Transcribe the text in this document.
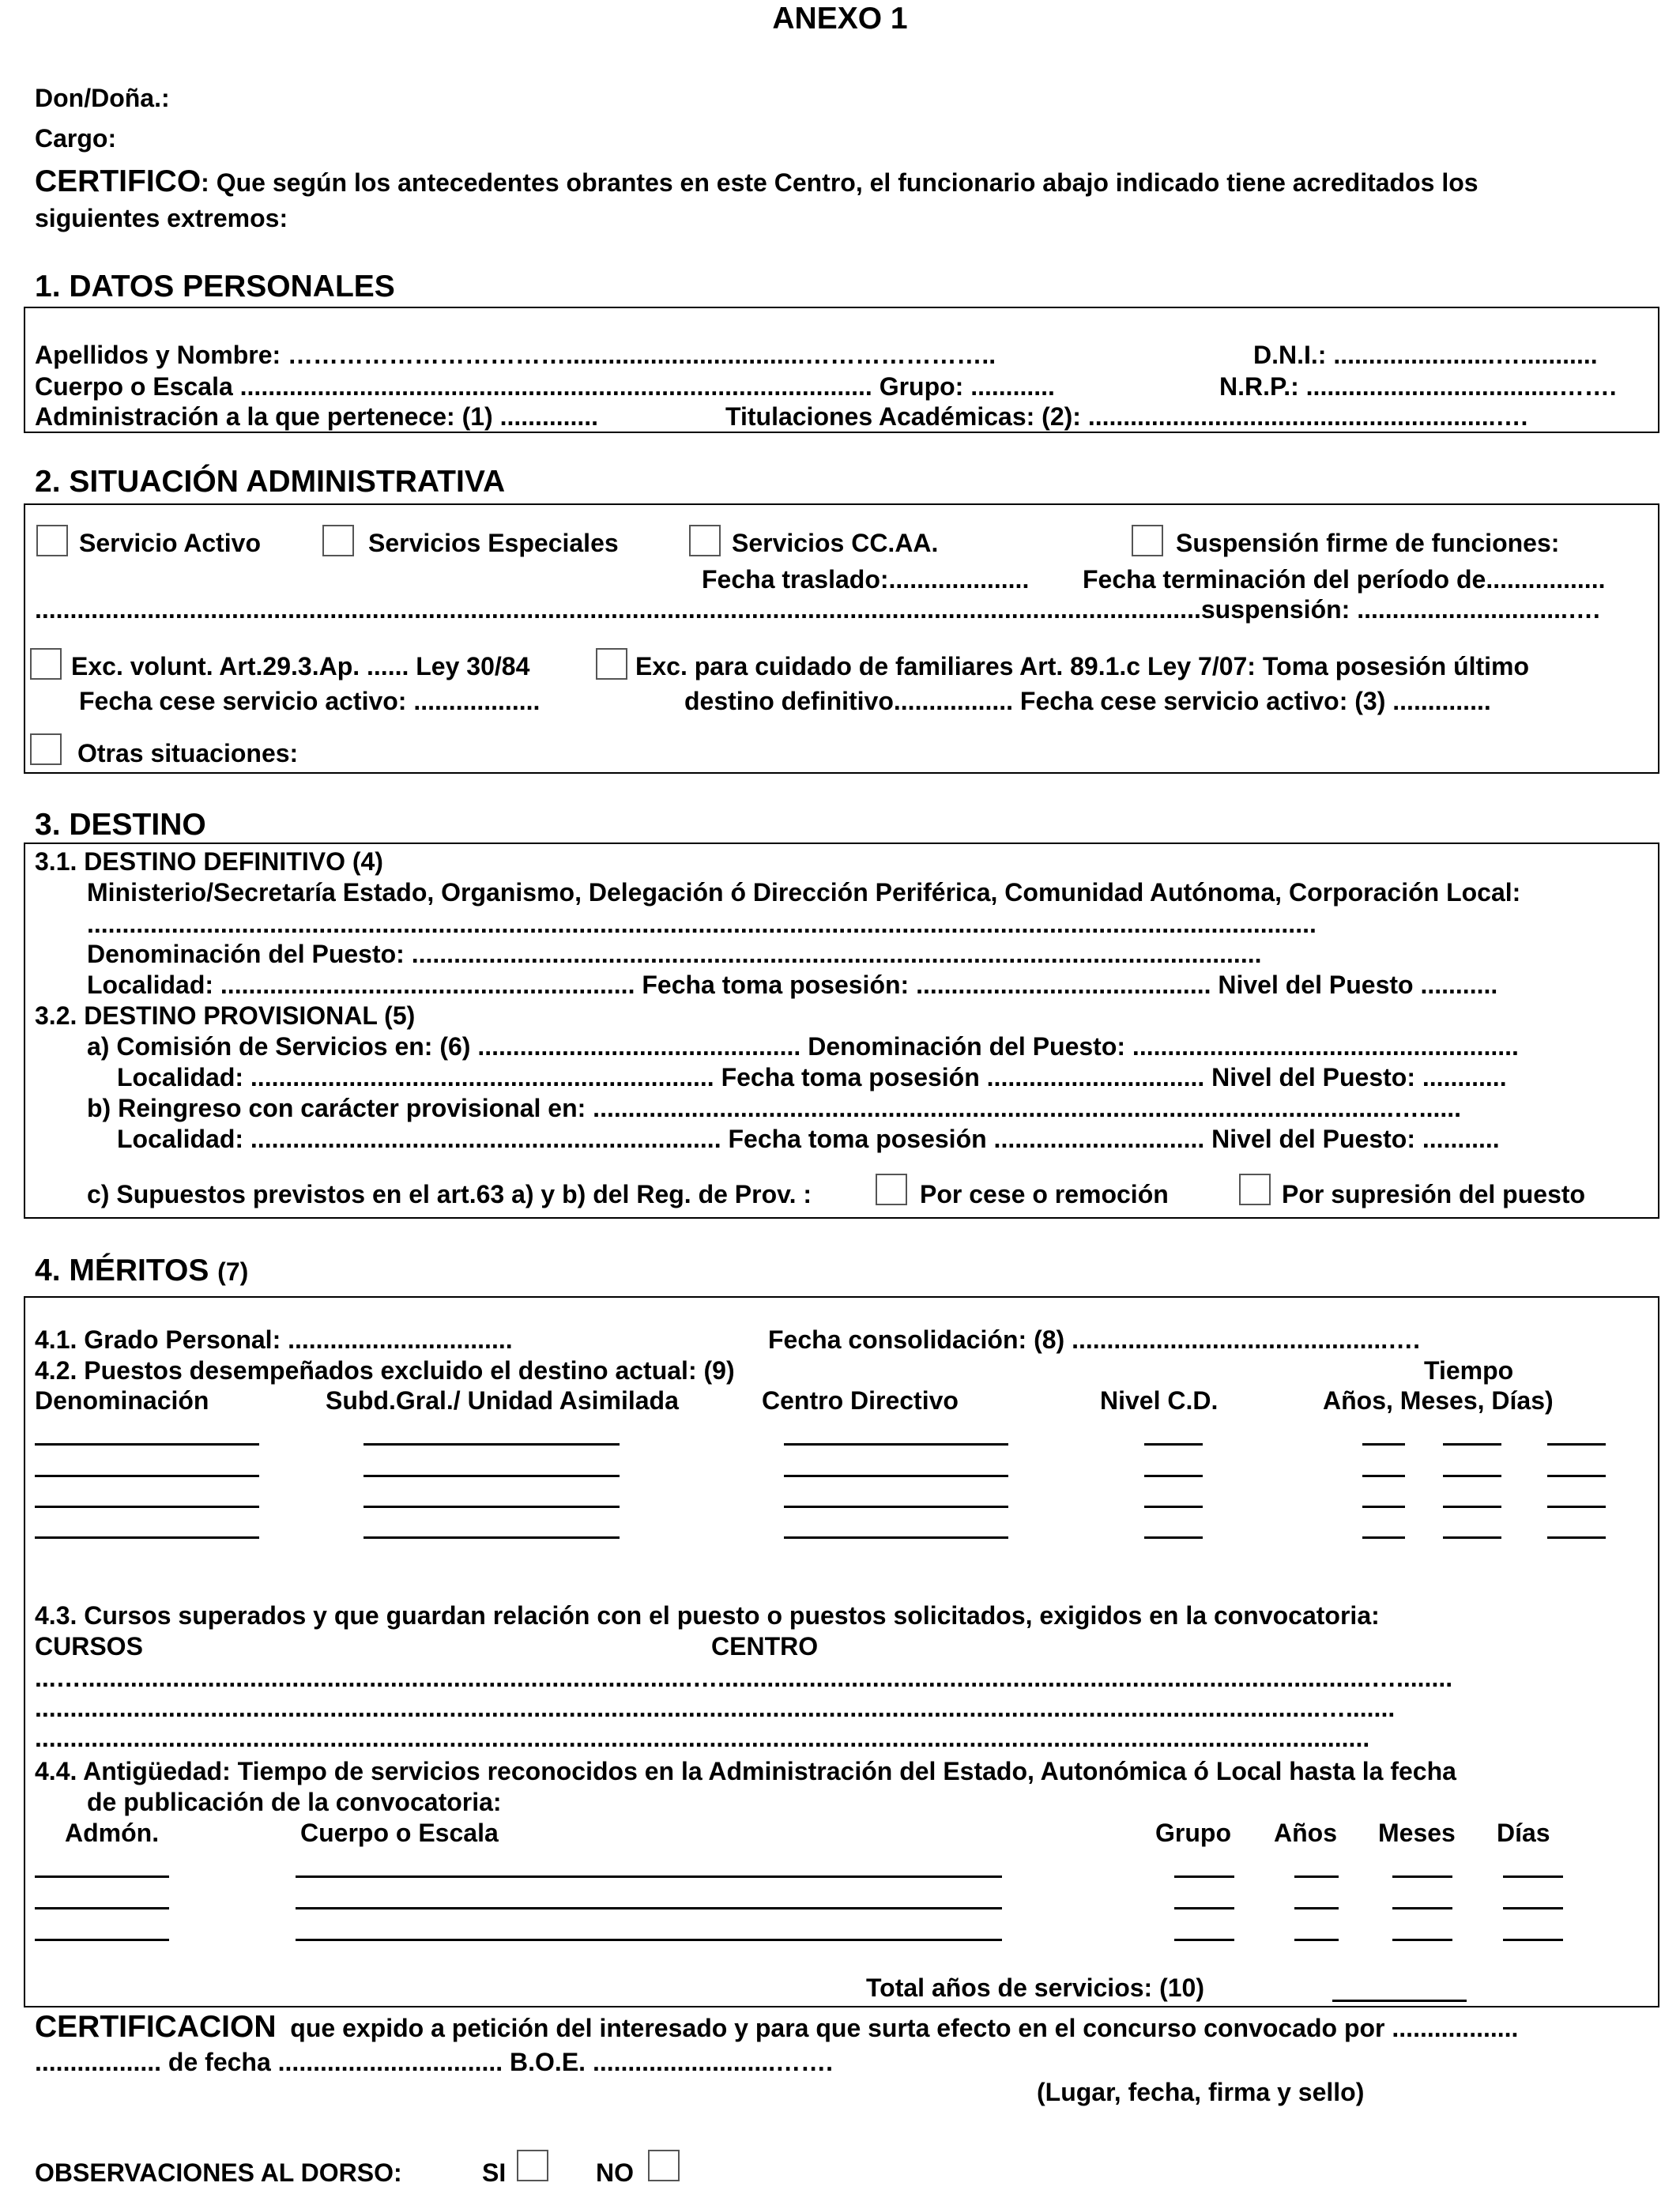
ANEXO 1
Don/Doña.:
Cargo:
CERTIFICO: Que según los antecedentes obrantes en este Centro, el funcionario abajo indicado tiene acreditados los
siguientes extremos:
1. DATOS PERSONALES
Apellidos y Nombre: ……………………………..................................…………………..	D.N.I.: .......................…...........
Cuerpo o Escala .......................................................................................... Grupo: ............	N.R.P.: ....................................…….
Administración a la que pertenece: (1) ..............	Titulaciones Académicas: (2): ..........................................................….
2. SITUACIÓN ADMINISTRATIVA
Servicio Activo	Servicios Especiales	Servicios CC.AA.	Suspensión firme de funciones:
Fecha traslado:.................... Fecha terminación del período de.................
......................................................................................................................................................................suspensión: ..............................….
Exc. volunt. Art.29.3.Ap. ...... Ley 30/84	Exc. para cuidado de familiares Art. 89.1.c Ley 7/07: Toma posesión último
Fecha cese servicio activo: ..................	destino definitivo................. Fecha cese servicio activo: (3) ..............
Otras situaciones:
3. DESTINO
3.1. DESTINO DEFINITIVO (4)
Ministerio/Secretaría Estado, Organismo, Delegación ó Dirección Periférica, Comunidad Autónoma, Corporación Local:
...............................................................................................................................................................................
Denominación del Puesto: .........................................................................................................................
Localidad: ........................................................... Fecha toma posesión: .......................................... Nivel del Puesto ...........
3.2. DESTINO PROVISIONAL (5)
a) Comisión de Servicios en: (6) .............................................. Denominación del Puesto: .......................................................
Localidad: .................................................................. Fecha toma posesión ............................... Nivel del Puesto: ............
b) Reingreso con carácter provisional en: ..................................................................................................................…......
Localidad: ................................................................... Fecha toma posesión .............................. Nivel del Puesto: ...........
c) Supuestos previstos en el art.63 a) y b) del Reg. de Prov. :	Por cese o remoción	Por supresión del puesto
4. MÉRITOS (7)
4.1. Grado Personal: ................................	Fecha consolidación: (8) .............................................….
4.2. Puestos desempeñados excluido el destino actual: (9)	Tiempo
Denominación	Subd.Gral./ Unidad Asimilada	Centro Directivo	Nivel C.D.	Años, Meses, Días)
4.3. Cursos superados y que guardan relación con el puesto o puestos solicitados, exigidos en la convocatoria:
CURSOS	CENTRO
...….......................................................................................….............................................................................................…........
.......................................................................................................................................................................................….......
..............................................................................................................................................................................................
4.4. Antigüedad: Tiempo de servicios reconocidos en la Administración del Estado, Autonómica ó Local hasta la fecha
de publicación de la convocatoria:
Admón.	Cuerpo o Escala	Grupo Años Meses Días
Total años de servicios: (10)
CERTIFICACION que expido a petición del interesado y para que surta efecto en el concurso convocado por ..................
.................. de fecha ................................ B.O.E. ..........................…….
(Lugar, fecha, firma y sello)
OBSERVACIONES AL DORSO:	SI	NO
